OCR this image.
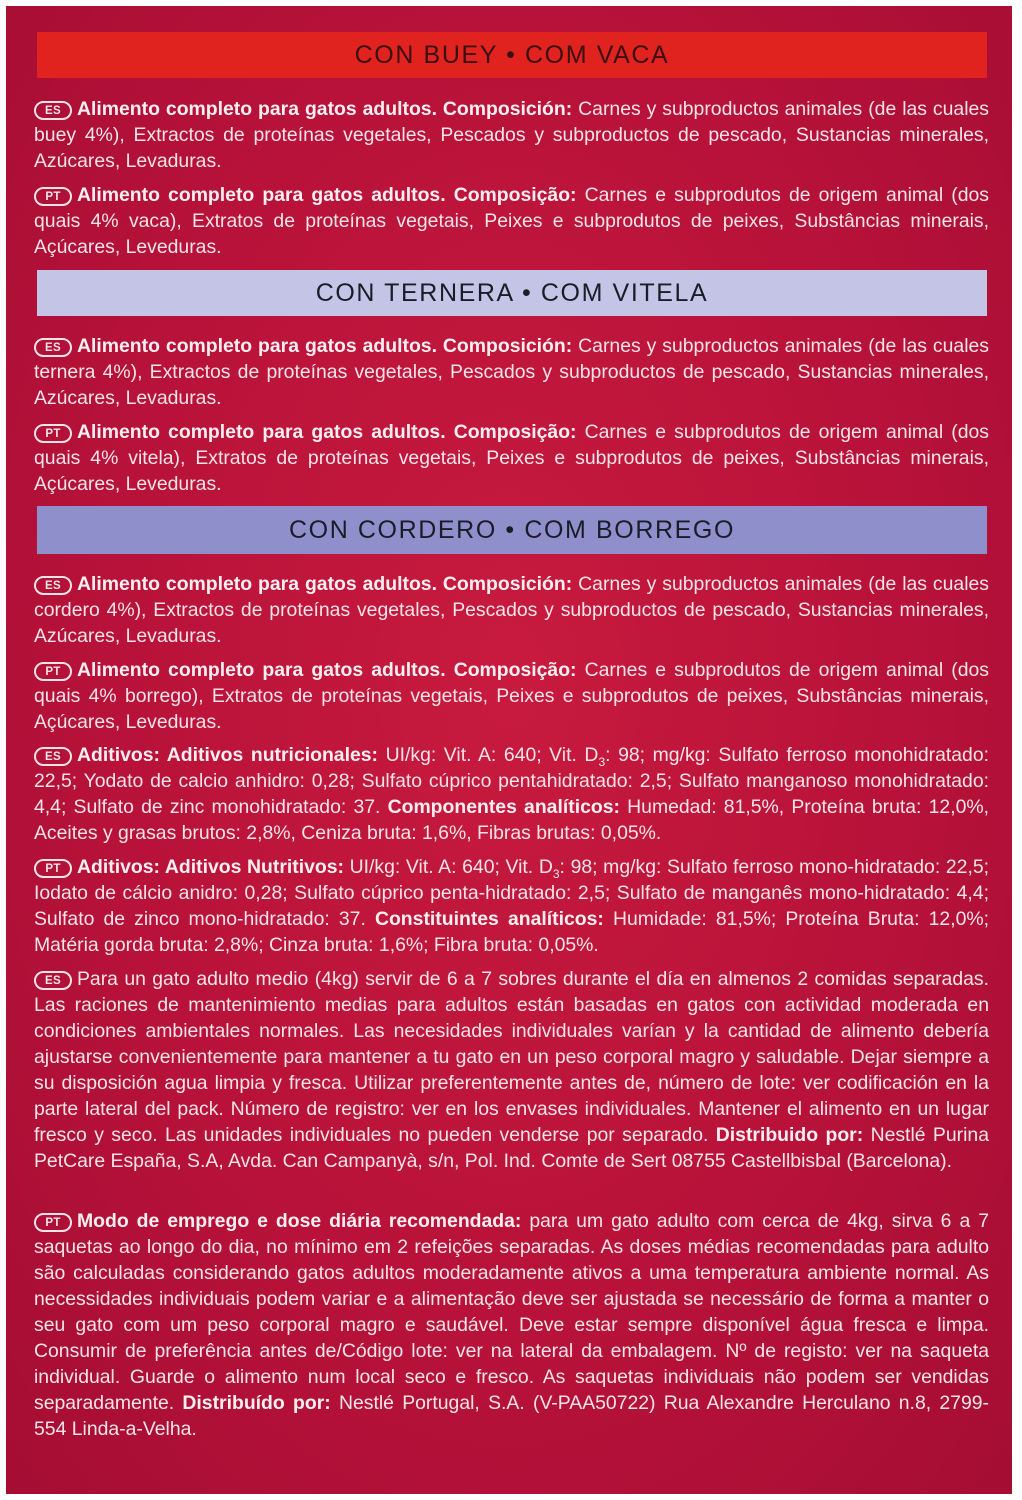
CON BUEY • COM VACA
ES Alimento completo para gatos adultos. Composición: Carnes y subproductos animales (de las cuales buey 4%), Extractos de proteínas vegetales, Pescados y subproductos de pescado, Sustancias minerales, Azúcares, Levaduras.
PT Alimento completo para gatos adultos. Composição: Carnes e subprodutos de origem animal (dos quais 4% vaca), Extratos de proteínas vegetais, Peixes e subprodutos de peixes, Substâncias minerais, Açúcares, Leveduras.
CON TERNERA • COM VITELA
ES Alimento completo para gatos adultos. Composición: Carnes y subproductos animales (de las cuales ternera 4%), Extractos de proteínas vegetales, Pescados y subproductos de pescado, Sustancias minerales, Azúcares, Levaduras.
PT Alimento completo para gatos adultos. Composição: Carnes e subprodutos de origem animal (dos quais 4% vitela), Extratos de proteínas vegetais, Peixes e subprodutos de peixes, Substâncias minerais, Açúcares, Leveduras.
CON CORDERO • COM BORREGO
ES Alimento completo para gatos adultos. Composición: Carnes y subproductos animales (de las cuales cordero 4%), Extractos de proteínas vegetales, Pescados y subproductos de pescado, Sustancias minerales, Azúcares, Levaduras.
PT Alimento completo para gatos adultos. Composição: Carnes e subprodutos de origem animal (dos quais 4% borrego), Extratos de proteínas vegetais, Peixes e subprodutos de peixes, Substâncias minerais, Açúcares, Leveduras.
ES Aditivos: Aditivos nutricionales: UI/kg: Vit. A: 640; Vit. $D_3$: 98; mg/kg: Sulfato ferroso monohidratado: 22,5; Yodato de calcio anhidro: 0,28; Sulfato cúprico pentahidratado: 2,5; Sulfato manganoso monohidratado: 4,4; Sulfato de zinc monohidratado: 37. Componentes analíticos: Humedad: 81,5%, Proteína bruta: 12,0%, Aceites y grasas brutos: 2,8%, Ceniza bruta: 1,6%, Fibras brutas: 0,05%.
PT Aditivos: Aditivos Nutritivos: UI/kg: Vit. A: 640; Vit. $D_3$: 98; mg/kg: Sulfato ferroso mono-hidratado: 22,5; Iodato de cálcio anidro: 0,28; Sulfato cúprico penta-hidratado: 2,5; Sulfato de manganês mono-hidratado: 4,4; Sulfato de zinco mono-hidratado: 37. Constituintes analíticos: Humidade: 81,5%; Proteína Bruta: 12,0%; Matéria gorda bruta: 2,8%; Cinza bruta: 1,6%; Fibra bruta: 0,05%.
ES Para un gato adulto medio (4kg) servir de 6 a 7 sobres durante el día en almenos 2 comidas separadas. Las raciones de mantenimiento medias para adultos están basadas en gatos con actividad moderada en condiciones ambientales normales. Las necesidades individuales varían y la cantidad de alimento debería ajustarse convenientemente para mantener a tu gato en un peso corporal magro y saludable. Dejar siempre a su disposición agua limpia y fresca. Utilizar preferentemente antes de, número de lote: ver codificación en la parte lateral del pack. Número de registro: ver en los envases individuales. Mantener el alimento en un lugar fresco y seco. Las unidades individuales no pueden venderse por separado. Distribuido por: Nestlé Purina PetCare España, S.A, Avda. Can Campanyà, s/n, Pol. Ind. Comte de Sert 08755 Castellbisbal (Barcelona).
PT Modo de emprego e dose diária recomendada: para um gato adulto com cerca de 4kg, sirva 6 a 7 saquetas ao longo do dia, no mínimo em 2 refeições separadas. As doses médias recomendadas para adulto são calculadas considerando gatos adultos moderadamente ativos a uma temperatura ambiente normal. As necessidades individuais podem variar e a alimentação deve ser ajustada se necessário de forma a manter o seu gato com um peso corporal magro e saudável. Deve estar sempre disponível água fresca e limpa. Consumir de preferência antes de/Código lote: ver na lateral da embalagem. Nº de registo: ver na saqueta individual. Guarde o alimento num local seco e fresco. As saquetas individuais não podem ser vendidas separadamente. Distribuído por: Nestlé Portugal, S.A. (V-PAA50722) Rua Alexandre Herculano n.8, 2799-554 Linda-a-Velha.
